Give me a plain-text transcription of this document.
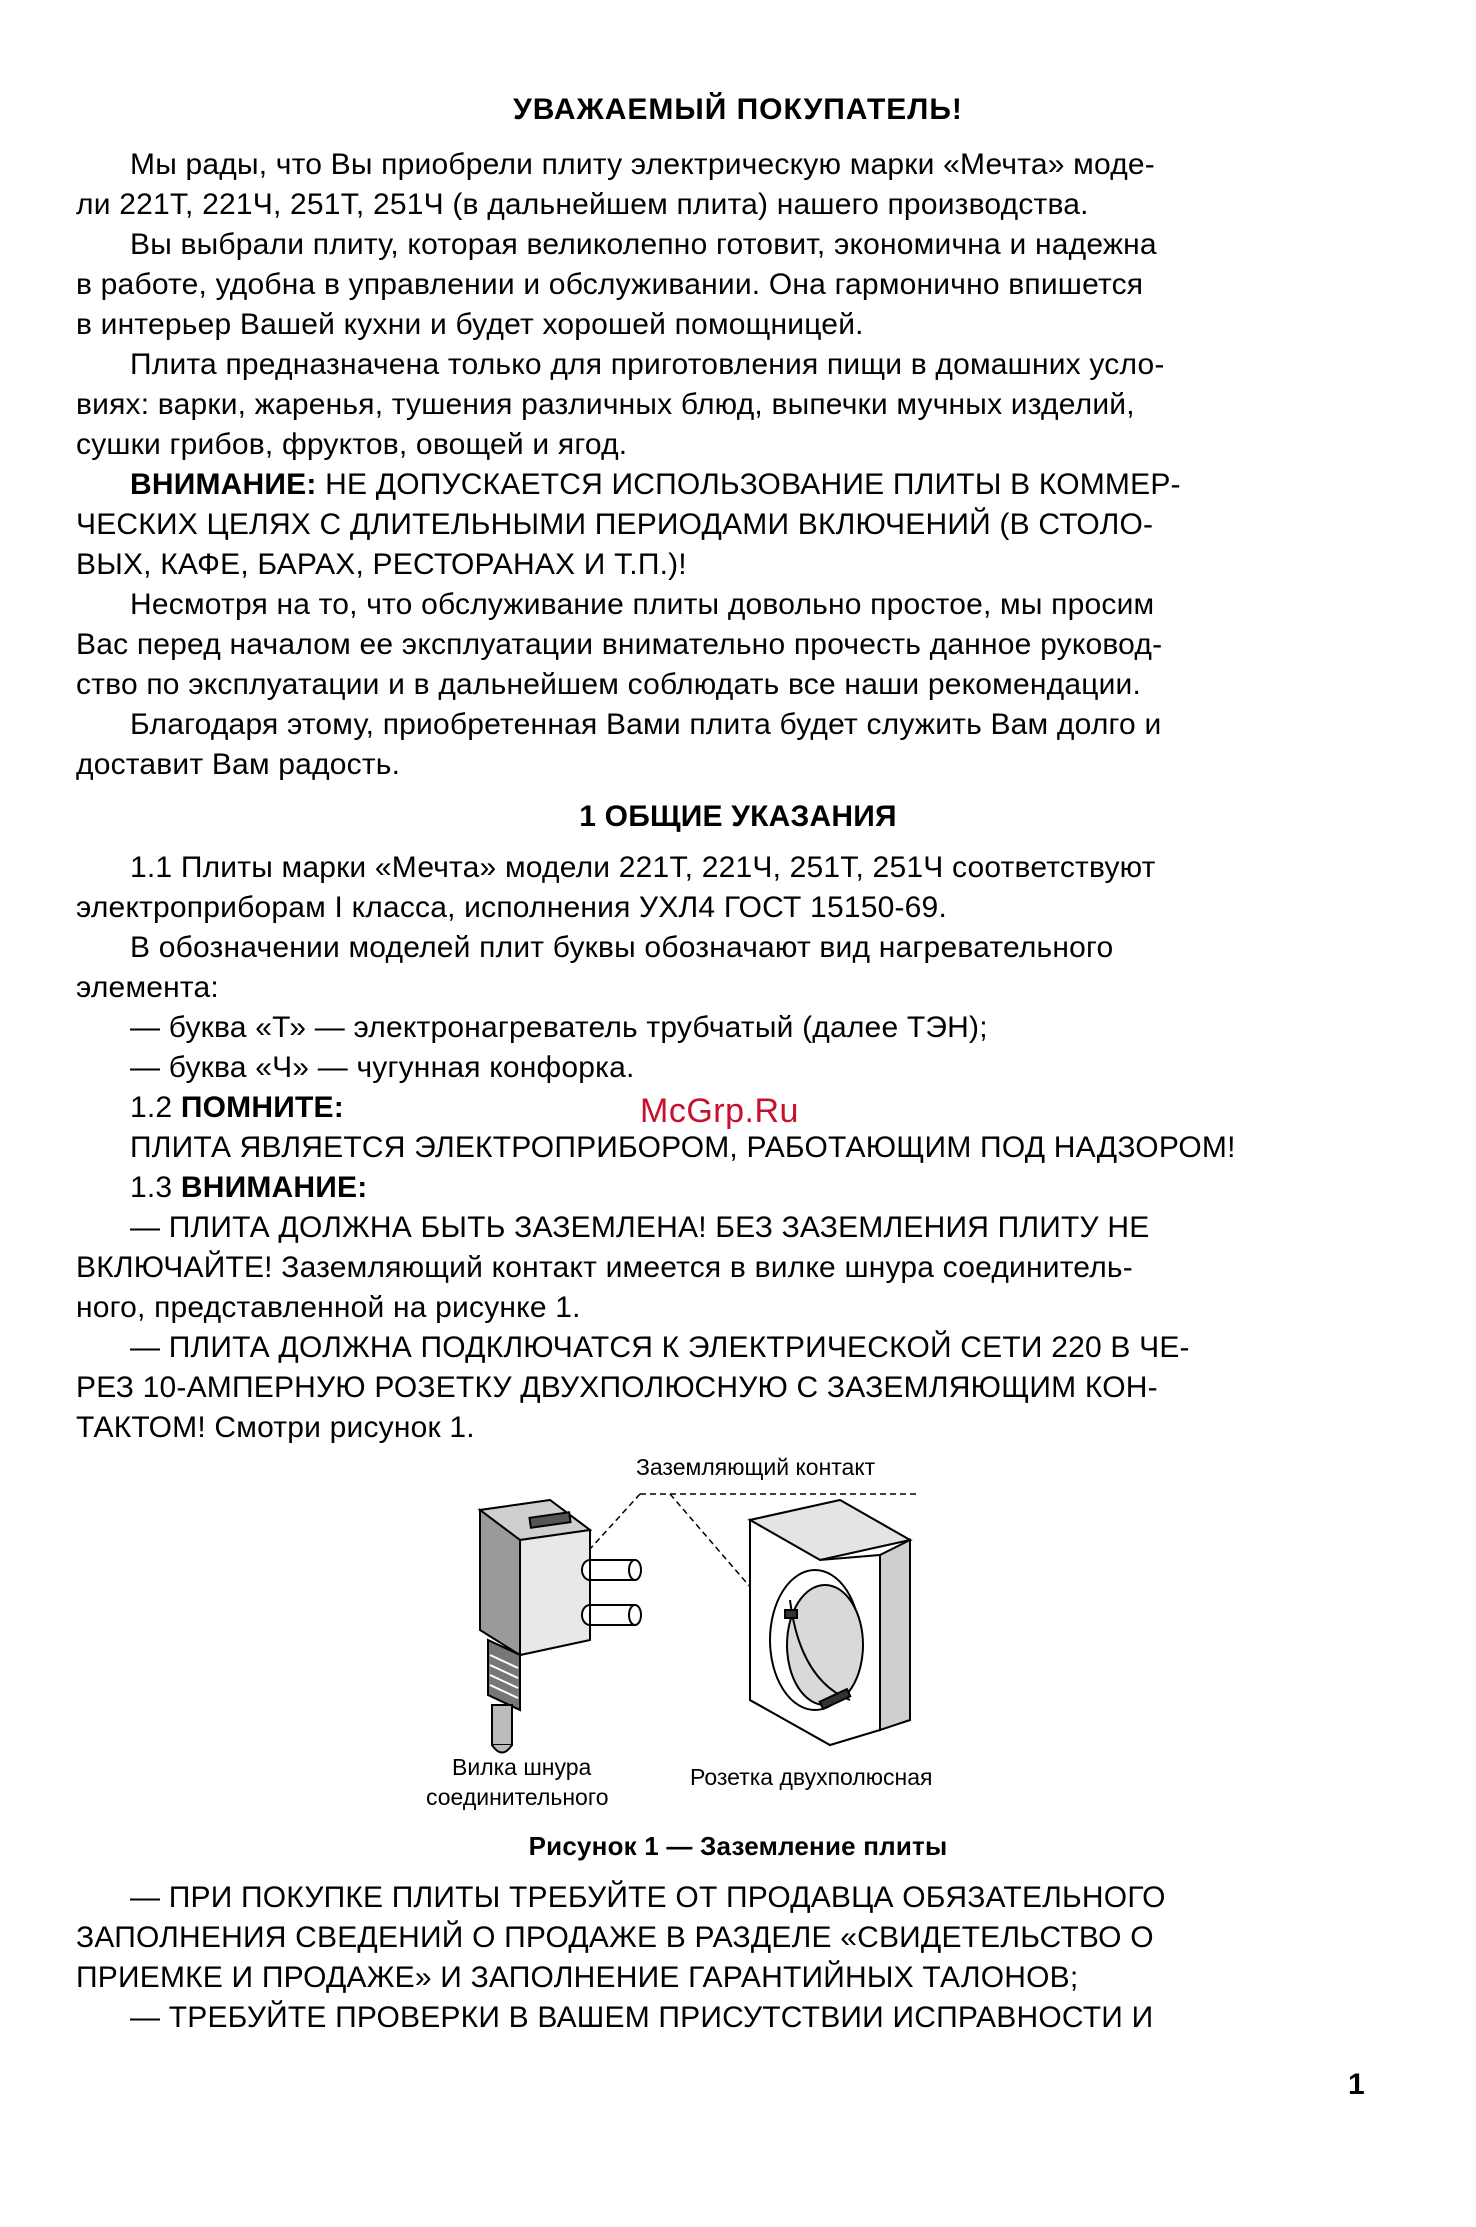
УВАЖАЕМЫЙ ПОКУПАТЕЛЬ!
Мы рады, что Вы приобрели плиту электрическую марки «Мечта» моде-
ли 221Т, 221Ч, 251Т, 251Ч (в дальнейшем плита) нашего производства.
Вы выбрали плиту, которая великолепно готовит, экономична и надежна
в работе, удобна в управлении и обслуживании. Она гармонично впишется
в интерьер Вашей кухни и будет хорошей помощницей.
Плита предназначена только для приготовления пищи в домашних усло-
виях: варки, жаренья, тушения различных блюд, выпечки мучных изделий,
сушки грибов, фруктов, овощей и ягод.
ВНИМАНИЕ: НЕ ДОПУСКАЕТСЯ ИСПОЛЬЗОВАНИЕ ПЛИТЫ В КОММЕР-
ЧЕСКИХ ЦЕЛЯХ С ДЛИТЕЛЬНЫМИ ПЕРИОДАМИ ВКЛЮЧЕНИЙ (В СТОЛО-
ВЫХ, КАФЕ, БАРАХ, РЕСТОРАНАХ И Т.П.)!
Несмотря на то, что обслуживание плиты довольно простое, мы просим
Вас перед началом ее эксплуатации внимательно прочесть данное руковод-
ство по эксплуатации и в дальнейшем соблюдать все наши рекомендации.
Благодаря этому, приобретенная Вами плита будет служить Вам долго и
доставит Вам радость.
1 ОБЩИЕ УКАЗАНИЯ
1.1 Плиты марки «Мечта» модели 221Т, 221Ч, 251Т, 251Ч соответствуют
электроприборам I класса, исполнения УХЛ4 ГОСТ 15150-69.
В обозначении моделей плит буквы обозначают вид нагревательного
элемента:
— буква «Т» — электронагреватель трубчатый (далее ТЭН);
— буква «Ч» — чугунная конфорка.
1.2 ПОМНИТЕ:
ПЛИТА ЯВЛЯЕТСЯ ЭЛЕКТРОПРИБОРОМ, РАБОТАЮЩИМ ПОД НАДЗОРОМ!
1.3 ВНИМАНИЕ:
— ПЛИТА ДОЛЖНА БЫТЬ ЗАЗЕМЛЕНА! БЕЗ ЗАЗЕМЛЕНИЯ ПЛИТУ НЕ
ВКЛЮЧАЙТЕ! Заземляющий контакт имеется в вилке шнура соединитель-
ного, представленной на рисунке 1.
— ПЛИТА ДОЛЖНА ПОДКЛЮЧАТСЯ К ЭЛЕКТРИЧЕСКОЙ СЕТИ 220 В ЧЕ-
РЕЗ 10-АМПЕРНУЮ РОЗЕТКУ ДВУХПОЛЮСНУЮ С ЗАЗЕМЛЯЮЩИМ КОН-
ТАКТОМ! Смотри рисунок 1.
McGrp.Ru
Заземляющий контакт
Вилка шнура
соединительного
Розетка двухполюсная
Рисунок 1 — Заземление плиты
— ПРИ ПОКУПКЕ ПЛИТЫ ТРЕБУЙТЕ ОТ ПРОДАВЦА ОБЯЗАТЕЛЬНОГО
ЗАПОЛНЕНИЯ СВЕДЕНИЙ О ПРОДАЖЕ В РАЗДЕЛЕ «СВИДЕТЕЛЬСТВО О
ПРИЕМКЕ И ПРОДАЖЕ» И ЗАПОЛНЕНИЕ ГАРАНТИЙНЫХ ТАЛОНОВ;
— ТРЕБУЙТЕ ПРОВЕРКИ В ВАШЕМ ПРИСУТСТВИИ ИСПРАВНОСТИ И
1
